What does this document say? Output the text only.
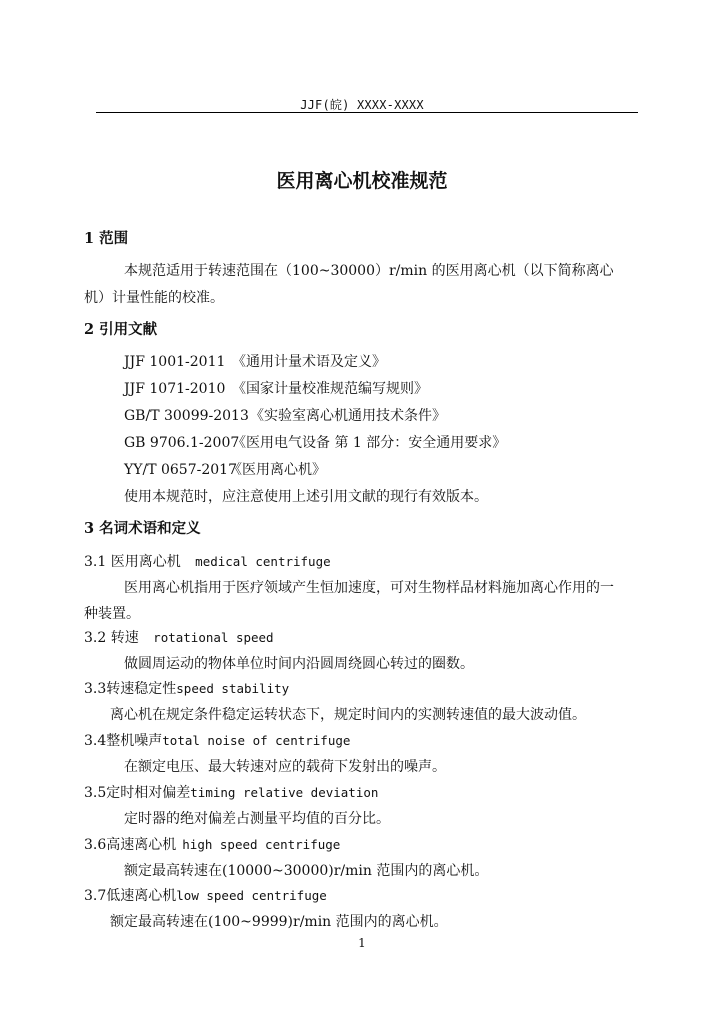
JJF(皖) XXXX-XXXX
医用离心机校准规范
1 范围
本规范适用于转速范围在（100~30000）r/min 的医用离心机（以下简称离心
机）计量性能的校准。
2 引用文献
JJF 1001-2011 《通用计量术语及定义》
JJF 1071-2010 《国家计量校准规范编写规则》
GB/T 30099-2013《实验室离心机通用技术条件》
GB 9706.1-2007《医用电气设备 第 1 部分：安全通用要求》
YY/T 0657-2017《医用离心机》
使用本规范时，应注意使用上述引用文献的现行有效版本。
3 名词术语和定义
3.1 医用离心机 medical centrifuge
医用离心机指用于医疗领域产生恒加速度，可对生物样品材料施加离心作用的一
种装置。
3.2 转速 rotational speed
做圆周运动的物体单位时间内沿圆周绕圆心转过的圈数。
3.3转速稳定性speed stability
离心机在规定条件稳定运转状态下，规定时间内的实测转速值的最大波动值。
3.4整机噪声total noise of centrifuge
在额定电压、最大转速对应的载荷下发射出的噪声。
3.5定时相对偏差timing relative deviation
定时器的绝对偏差占测量平均值的百分比。
3.6高速离心机 high speed centrifuge
额定最高转速在(10000~30000)r/min 范围内的离心机。
3.7低速离心机low speed centrifuge
额定最高转速在(100~9999)r/min 范围内的离心机。
1
